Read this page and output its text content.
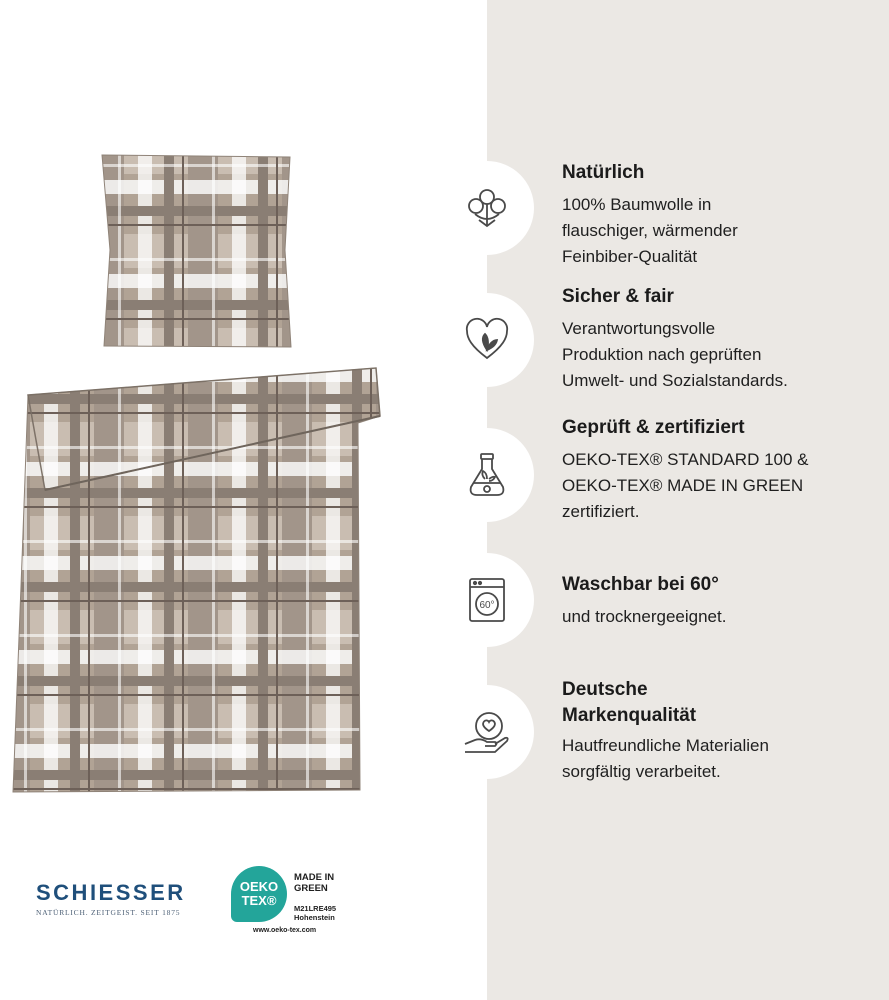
60°
Natürlich
100% Baumwolle in
flauschiger, wärmender
Feinbiber-Qualität
Sicher & fair
Verantwortungsvolle
Produktion nach geprüften
Umwelt- und Sozialstandards.
Geprüft & zertifiziert
OEKO-TEX® STANDARD 100 &
OEKO-TEX® MADE IN GREEN
zertifiziert.
Waschbar bei 60°
und trocknergeeignet.
Deutsche
Markenqualität
Hautfreundliche Materialien
sorgfältig verarbeitet.
SCHIESSER
NATÜRLICH. ZEITGEIST. SEIT 1875
OEKO
TEX®
MADE IN
GREEN
M21LRE495
Hohenstein
www.oeko-tex.com
